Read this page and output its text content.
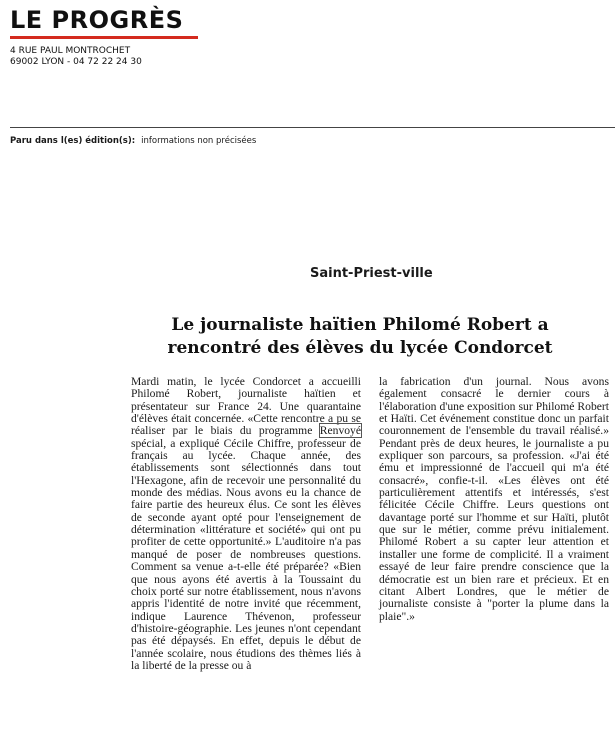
LE PROGRÈS
4 RUE PAUL MONTROCHET
69002 LYON - 04 72 22 24 30
Paru dans l(es) édition(s): informations non précisées
Saint-Priest-ville
Le journaliste haïtien Philomé Robert a rencontré des élèves du lycée Condorcet

Mardi matin, le lycée Condorcet a accueilli Philomé Robert, journaliste haïtien et présentateur sur France 24. Une quarantaine d'élèves était concernée. «Cette rencontre a pu se réaliser par le biais du programme Renvoyé spécial, a expliqué Cécile Chiffre, professeur de français au lycée. Chaque année, des établissements sont sélectionnés dans tout l'Hexagone, afin de recevoir une personnalité du monde des médias. Nous avons eu la chance de faire partie des heureux élus. Ce sont les élèves de seconde ayant opté pour l'enseignement de détermination «littérature et société» qui ont pu profiter de cette opportunité.» L'auditoire n'a pas manqué de poser de nombreuses questions. Comment sa venue a-t-elle été préparée? «Bien que nous ayons été avertis à la Toussaint du choix porté sur notre établissement, nous n'avons appris l'identité de notre invité que récemment, indique Laurence Thévenon, professeur d'histoire-géographie. Les jeunes n'ont cependant pas été dépaysés. En effet, depuis le début de l'année scolaire, nous étudions des thèmes liés à la liberté de la presse ou à

la fabrication d'un journal. Nous avons également consacré le dernier cours à l'élaboration d'une exposition sur Philomé Robert et Haïti. Cet événement constitue donc un parfait couronnement de l'ensemble du travail réalisé.» Pendant près de deux heures, le journaliste a pu expliquer son parcours, sa profession. «J'ai été ému et impressionné de l'accueil qui m'a été consacré», confie-t-il. «Les élèves ont été particulièrement attentifs et intéressés, s'est félicitée Cécile Chiffre. Leurs questions ont davantage porté sur l'homme et sur Haïti, plutôt que sur le métier, comme prévu initialement. Philomé Robert a su capter leur attention et installer une forme de complicité. Il a vraiment essayé de leur faire prendre conscience que la démocratie est un bien rare et précieux. Et en citant Albert Londres, que le métier de journaliste consiste à "porter la plume dans la plaie".»
